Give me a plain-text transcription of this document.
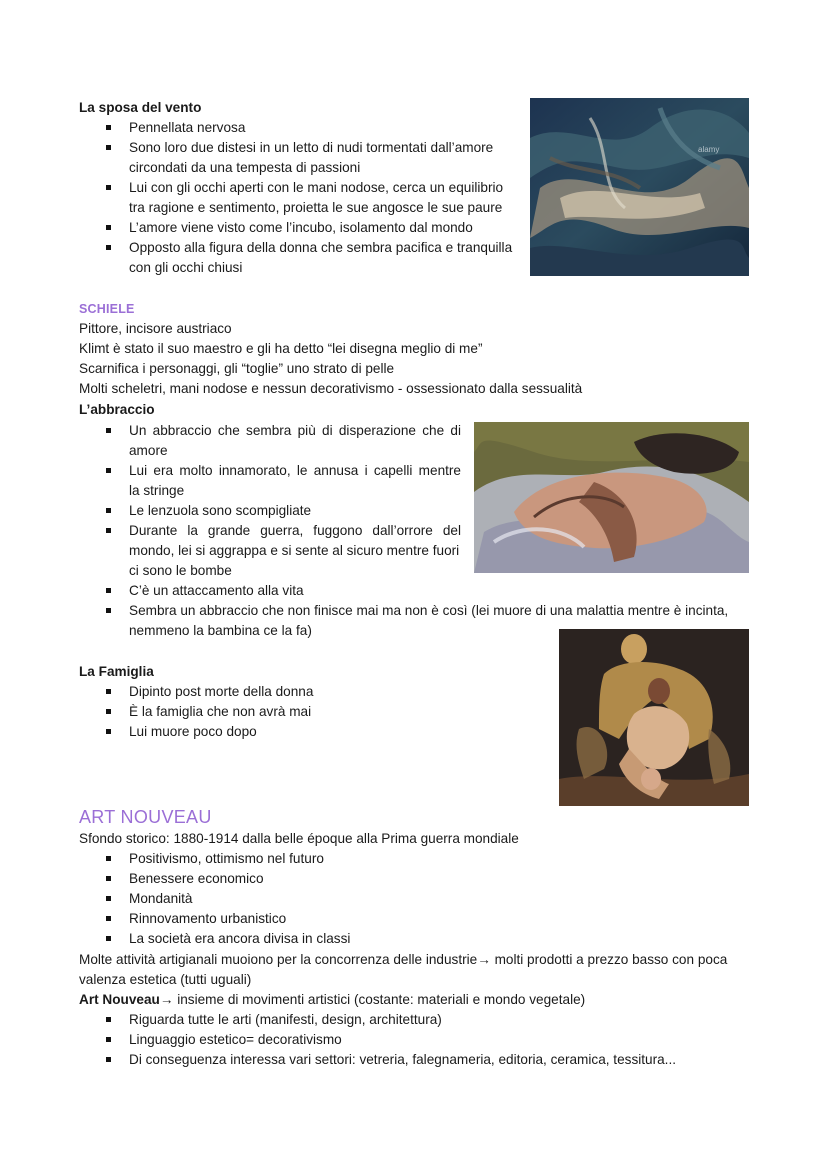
La sposa del vento
Pennellata nervosa
Sono loro due distesi in un letto di nudi tormentati dall’amore
circondati da una tempesta di passioni
Lui con gli occhi aperti con le mani nodose, cerca un equilibrio
tra ragione e sentimento, proietta le sue angosce le sue paure
L’amore viene visto come l’incubo, isolamento dal mondo
Opposto alla figura della donna che sembra pacifica e tranquilla
con gli occhi chiusi
alamy
SCHIELE
Pittore, incisore austriaco
Klimt è stato il suo maestro e gli ha detto “lei disegna meglio di me”
Scarnifica i personaggi, gli “toglie” uno strato di pelle
Molti scheletri, mani nodose e nessun decorativismo - ossessionato dalla sessualità
L’abbraccio
Un abbraccio che sembra più di disperazione che di
amore
Lui era molto innamorato, le annusa i capelli mentre
la stringe
Le lenzuola sono scompigliate
Durante la grande guerra, fuggono dall’orrore del
mondo, lei si aggrappa e si sente al sicuro mentre fuori
ci sono le bombe
C’è un attaccamento alla vita
Sembra un abbraccio che non finisce mai ma non è così (lei muore di una malattia mentre è incinta,
nemmeno la bambina ce la fa)
La Famiglia
Dipinto post morte della donna
È la famiglia che non avrà mai
Lui muore poco dopo
ART NOUVEAU
Sfondo storico: 1880-1914 dalla belle époque alla Prima guerra mondiale
Positivismo, ottimismo nel futuro
Benessere economico
Mondanità
Rinnovamento urbanistico
La società era ancora divisa in classi
Molte attività artigianali muoiono per la concorrenza delle industrie→ molti prodotti a prezzo basso con poca
valenza estetica (tutti uguali)
Art Nouveau→ insieme di movimenti artistici (costante: materiali e mondo vegetale)
Riguarda tutte le arti (manifesti, design, architettura)
Linguaggio estetico= decorativismo
Di conseguenza interessa vari settori: vetreria, falegnameria, editoria, ceramica, tessitura...
